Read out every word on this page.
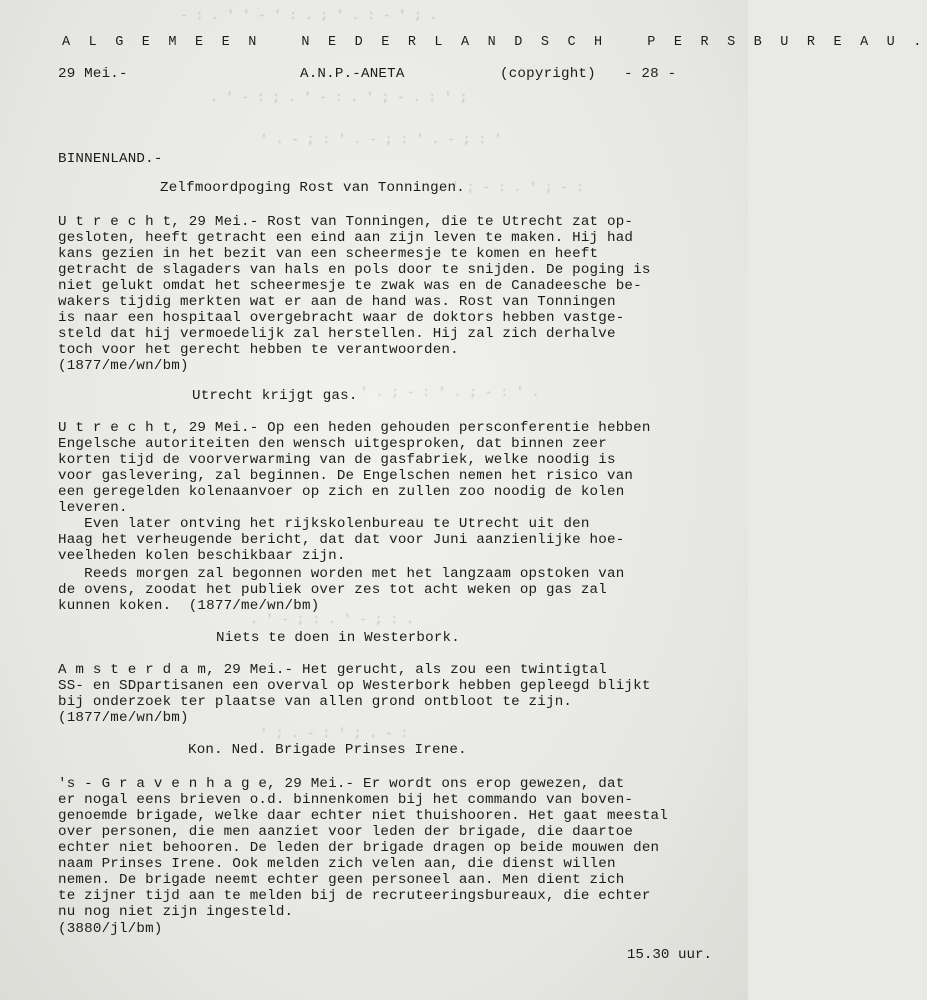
- : . ' ' - ' : . ; ' . : - ' ; .
. ' - : ; . ' - : . ' ; - . : ' ;
' . - ; : ' . - ; : ' . - ; : '
: . ' ; - : . ' ; - :
' . ; - : ' . ; - : ' .
. ' - ; : . ' - ; : .
' ; . - : ' ; . - :
A L G E M E E N   N E D E R L A N D S C H   P E R S B U R E A U .
29 Mei.-	A.N.P.-ANETA	(copyright) - 28 -
BINNENLAND.-
Zelfmoordpoging Rost van Tonningen.
U t r e c h t, 29 Mei.- Rost van Tonningen, die te Utrecht zat op-
gesloten, heeft getracht een eind aan zijn leven te maken. Hij had
kans gezien in het bezit van een scheermesje te komen en heeft
getracht de slagaders van hals en pols door te snijden. De poging is
niet gelukt omdat het scheermesje te zwak was en de Canadeesche be-
wakers tijdig merkten wat er aan de hand was. Rost van Tonningen
is naar een hospitaal overgebracht waar de doktors hebben vastge-
steld dat hij vermoedelijk zal herstellen. Hij zal zich derhalve
toch voor het gerecht hebben te verantwoorden.
(1877/me/wn/bm)
Utrecht krijgt gas.
U t r e c h t, 29 Mei.- Op een heden gehouden persconferentie hebben
Engelsche autoriteiten den wensch uitgesproken, dat binnen zeer
korten tijd de voorverwarming van de gasfabriek, welke noodig is
voor gaslevering, zal beginnen. De Engelschen nemen het risico van
een geregelden kolenaanvoer op zich en zullen zoo noodig de kolen
leveren.
Even later ontving het rijkskolenbureau te Utrecht uit den
Haag het verheugende bericht, dat dat voor Juni aanzienlijke hoe-
veelheden kolen beschikbaar zijn.
Reeds morgen zal begonnen worden met het langzaam opstoken van
de ovens, zoodat het publiek over zes tot acht weken op gas zal
kunnen koken.  (1877/me/wn/bm)
Niets te doen in Westerbork.
A m s t e r d a m, 29 Mei.- Het gerucht, als zou een twintigtal
SS- en SDpartisanen een overval op Westerbork hebben gepleegd blijkt
bij onderzoek ter plaatse van allen grond ontbloot te zijn.
(1877/me/wn/bm)
Kon. Ned. Brigade Prinses Irene.
's - G r a v e n h a g e, 29 Mei.- Er wordt ons erop gewezen, dat
er nogal eens brieven o.d. binnenkomen bij het commando van boven-
genoemde brigade, welke daar echter niet thuishooren. Het gaat meestal
over personen, die men aanziet voor leden der brigade, die daartoe
echter niet behooren. De leden der brigade dragen op beide mouwen den
naam Prinses Irene. Ook melden zich velen aan, die dienst willen
nemen. De brigade neemt echter geen personeel aan. Men dient zich
te zijner tijd aan te melden bij de recruteeringsbureaux, die echter
nu nog niet zijn ingesteld.
(3880/jl/bm)
15.30 uur.
